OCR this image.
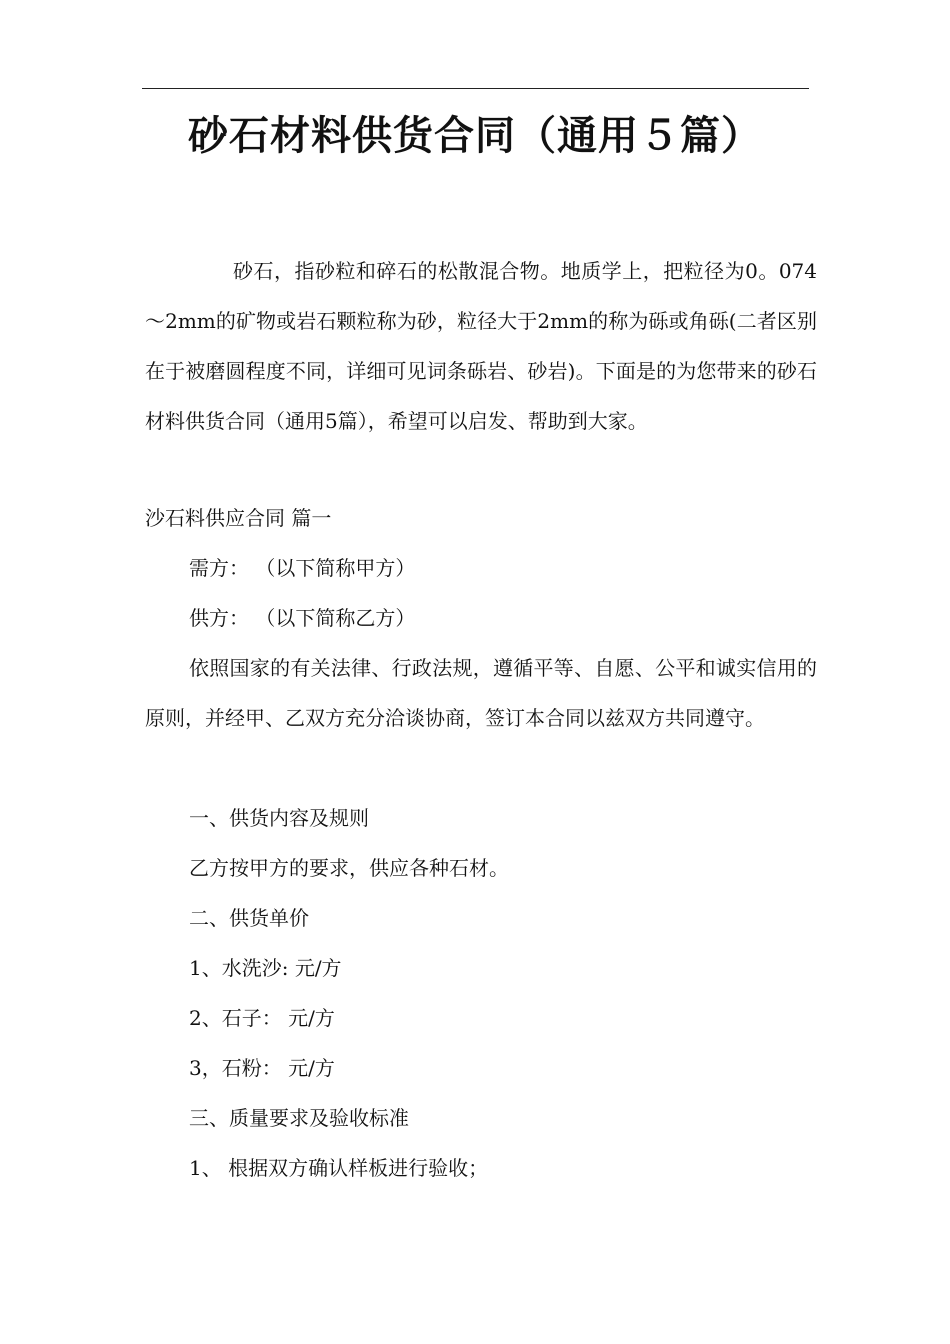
砂石材料供货合同（通用５篇）

砂石，指砂粒和碎石的松散混合物。地质学上，把粒径为0。074～2mm的矿物或岩石颗粒称为砂，粒径大于2mm的称为砾或角砾(二者区别在于被磨圆程度不同，详细可见词条砾岩、砂岩)。下面是的为您带来的砂石材料供货合同（通用5篇），希望可以启发、帮助到大家。

沙石料供应合同 篇一

需方： （以下简称甲方）

供方： （以下简称乙方）

依照国家的有关法律、行政法规，遵循平等、自愿、公平和诚实信用的原则，并经甲、乙双方充分洽谈协商，签订本合同以兹双方共同遵守。

一、供货内容及规则

乙方按甲方的要求，供应各种石材。

二、供货单价

1、水洗沙: 元/方

2、石子： 元/方

3，石粉： 元/方

三、质量要求及验收标准

1、 根据双方确认样板进行验收；
